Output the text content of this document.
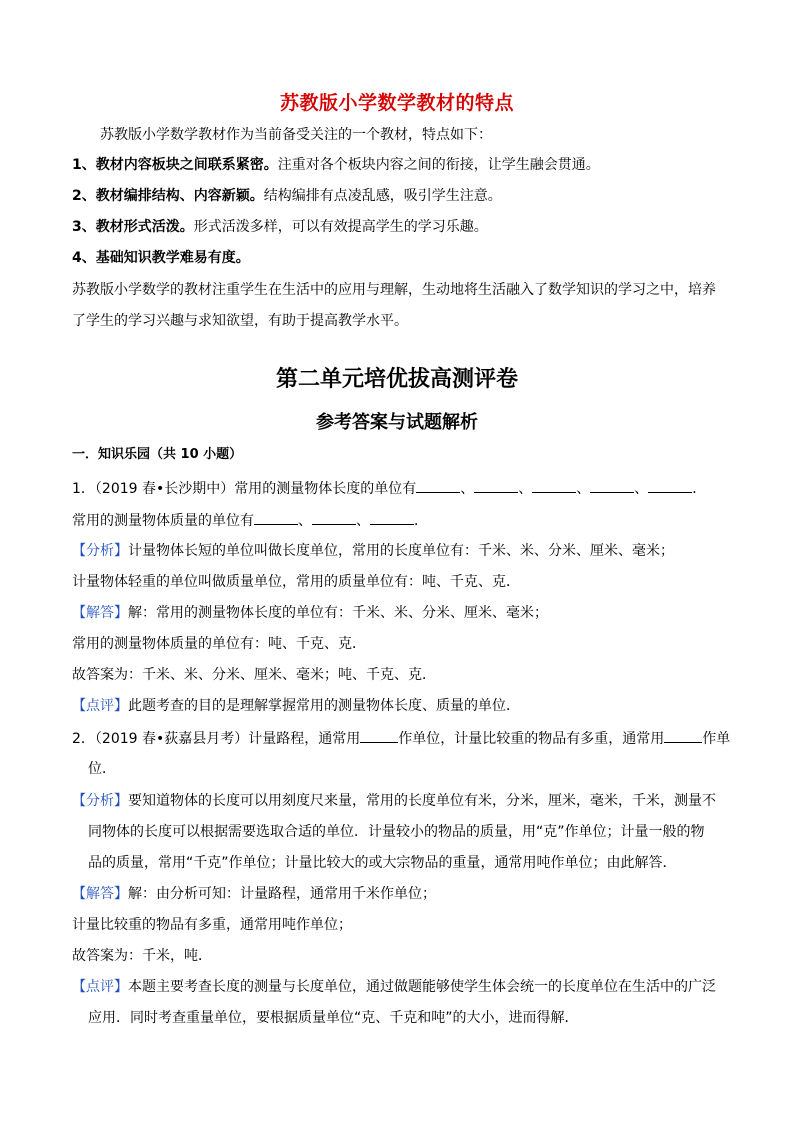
苏教版小学数学教材的特点
苏教版小学数学教材作为当前备受关注的一个教材，特点如下：
1、教材内容板块之间联系紧密。注重对各个板块内容之间的衔接，让学生融会贯通。
2、教材编排结构、内容新颖。结构编排有点凌乱感，吸引学生注意。
3、教材形式活泼。形式活泼多样，可以有效提高学生的学习乐趣。
4、基础知识教学难易有度。
苏教版小学数学的教材注重学生在生活中的应用与理解，生动地将生活融入了数学知识的学习之中，培养
了学生的学习兴趣与求知欲望，有助于提高教学水平。
第二单元培优拔高测评卷
参考答案与试题解析
一．知识乐园（共 10 小题）
1．（2019 春•长沙期中）常用的测量物体长度的单位有	、	、	、	、	．
常用的测量物体质量的单位有	、	、	．
【分析】计量物体长短的单位叫做长度单位，常用的长度单位有：千米、米、分米、厘米、毫米；
计量物体轻重的单位叫做质量单位，常用的质量单位有：吨、千克、克．
【解答】解：常用的测量物体长度的单位有：千米、米、分米、厘米、毫米；
常用的测量物体质量的单位有：吨、千克、克．
故答案为：千米、米、分米、厘米、毫米；吨、千克、克．
【点评】此题考查的目的是理解掌握常用的测量物体长度、质量的单位．
2．（2019 春•荻嘉县月考）计量路程，通常用	作单位，计量比较重的物品有多重，通常用	作单
位．
【分析】要知道物体的长度可以用刻度尺来量，常用的长度单位有米，分米，厘米，毫米，千米，测量不
同物体的长度可以根据需要选取合适的单位．计量较小的物品的质量，用“克”作单位；计量一般的物
品的质量，常用“千克”作单位；计量比较大的或大宗物品的重量，通常用吨作单位；由此解答．
【解答】解：由分析可知：计量路程，通常用千米作单位；
计量比较重的物品有多重，通常用吨作单位；
故答案为：千米，吨．
【点评】本题主要考查长度的测量与长度单位，通过做题能够使学生体会统一的长度单位在生活中的广泛
应用．同时考查重量单位，要根据质量单位“克、千克和吨”的大小，进而得解．
